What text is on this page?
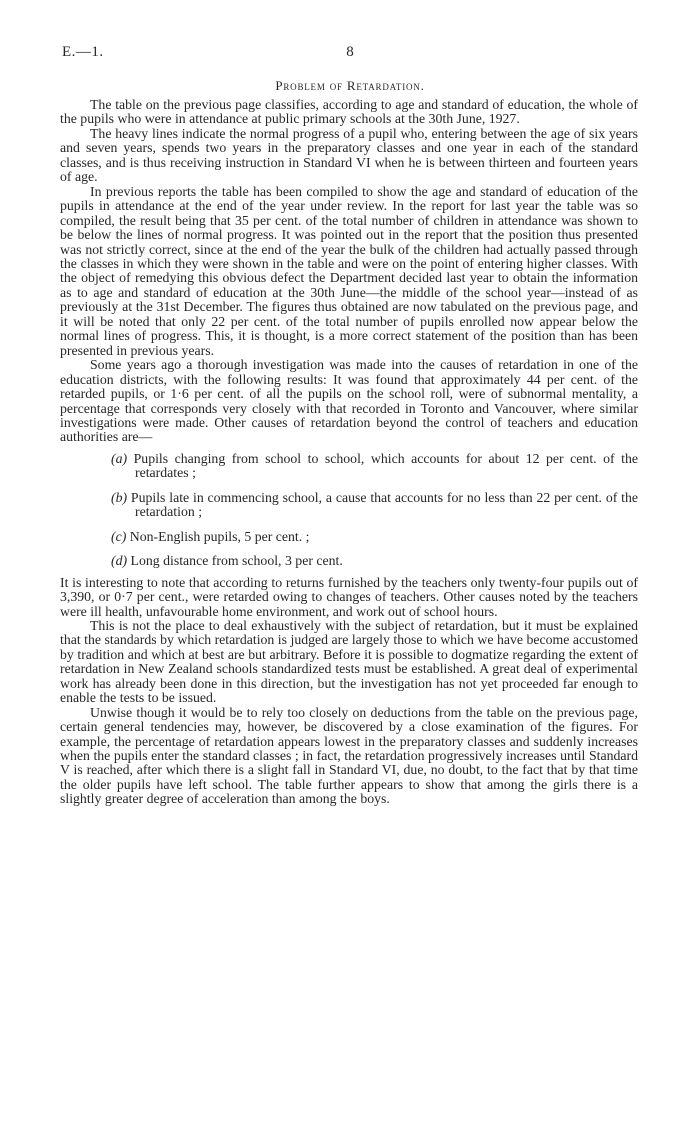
E.—1.	8
Problem of Retardation.

The table on the previous page classifies, according to age and standard of education, the whole of the pupils who were in attendance at public primary schools at the 30th June, 1927.

The heavy lines indicate the normal progress of a pupil who, entering between the age of six years and seven years, spends two years in the preparatory classes and one year in each of the standard classes, and is thus receiving instruction in Standard VI when he is between thirteen and fourteen years of age.

In previous reports the table has been compiled to show the age and standard of education of the pupils in attendance at the end of the year under review. In the report for last year the table was so compiled, the result being that 35 per cent. of the total number of children in attendance was shown to be below the lines of normal progress. It was pointed out in the report that the position thus presented was not strictly correct, since at the end of the year the bulk of the children had actually passed through the classes in which they were shown in the table and were on the point of entering higher classes. With the object of remedying this obvious defect the Department decided last year to obtain the information as to age and standard of education at the 30th June—the middle of the school year—instead of as previously at the 31st December. The figures thus obtained are now tabulated on the previous page, and it will be noted that only 22 per cent. of the total number of pupils enrolled now appear below the normal lines of progress. This, it is thought, is a more correct statement of the position than has been presented in previous years.

Some years ago a thorough investigation was made into the causes of retardation in one of the education districts, with the following results: It was found that approximately 44 per cent. of the retarded pupils, or 1·6 per cent. of all the pupils on the school roll, were of subnormal mentality, a percentage that corresponds very closely with that recorded in Toronto and Vancouver, where similar investigations were made. Other causes of retardation beyond the control of teachers and education authorities are—

(a) Pupils changing from school to school, which accounts for about 12 per cent. of the retardates ;
(b) Pupils late in commencing school, a cause that accounts for no less than 22 per cent. of the retardation ;
(c) Non-English pupils, 5 per cent. ;
(d) Long distance from school, 3 per cent.

It is interesting to note that according to returns furnished by the teachers only twenty-four pupils out of 3,390, or 0·7 per cent., were retarded owing to changes of teachers. Other causes noted by the teachers were ill health, unfavourable home environment, and work out of school hours.

This is not the place to deal exhaustively with the subject of retardation, but it must be explained that the standards by which retardation is judged are largely those to which we have become accustomed by tradition and which at best are but arbitrary. Before it is possible to dogmatize regarding the extent of retardation in New Zealand schools standardized tests must be established. A great deal of experimental work has already been done in this direction, but the investigation has not yet proceeded far enough to enable the tests to be issued.

Unwise though it would be to rely too closely on deductions from the table on the previous page, certain general tendencies may, however, be discovered by a close examination of the figures. For example, the percentage of retardation appears lowest in the preparatory classes and suddenly increases when the pupils enter the standard classes ; in fact, the retardation progressively increases until Standard V is reached, after which there is a slight fall in Standard VI, due, no doubt, to the fact that by that time the older pupils have left school. The table further appears to show that among the girls there is a slightly greater degree of acceleration than among the boys.
